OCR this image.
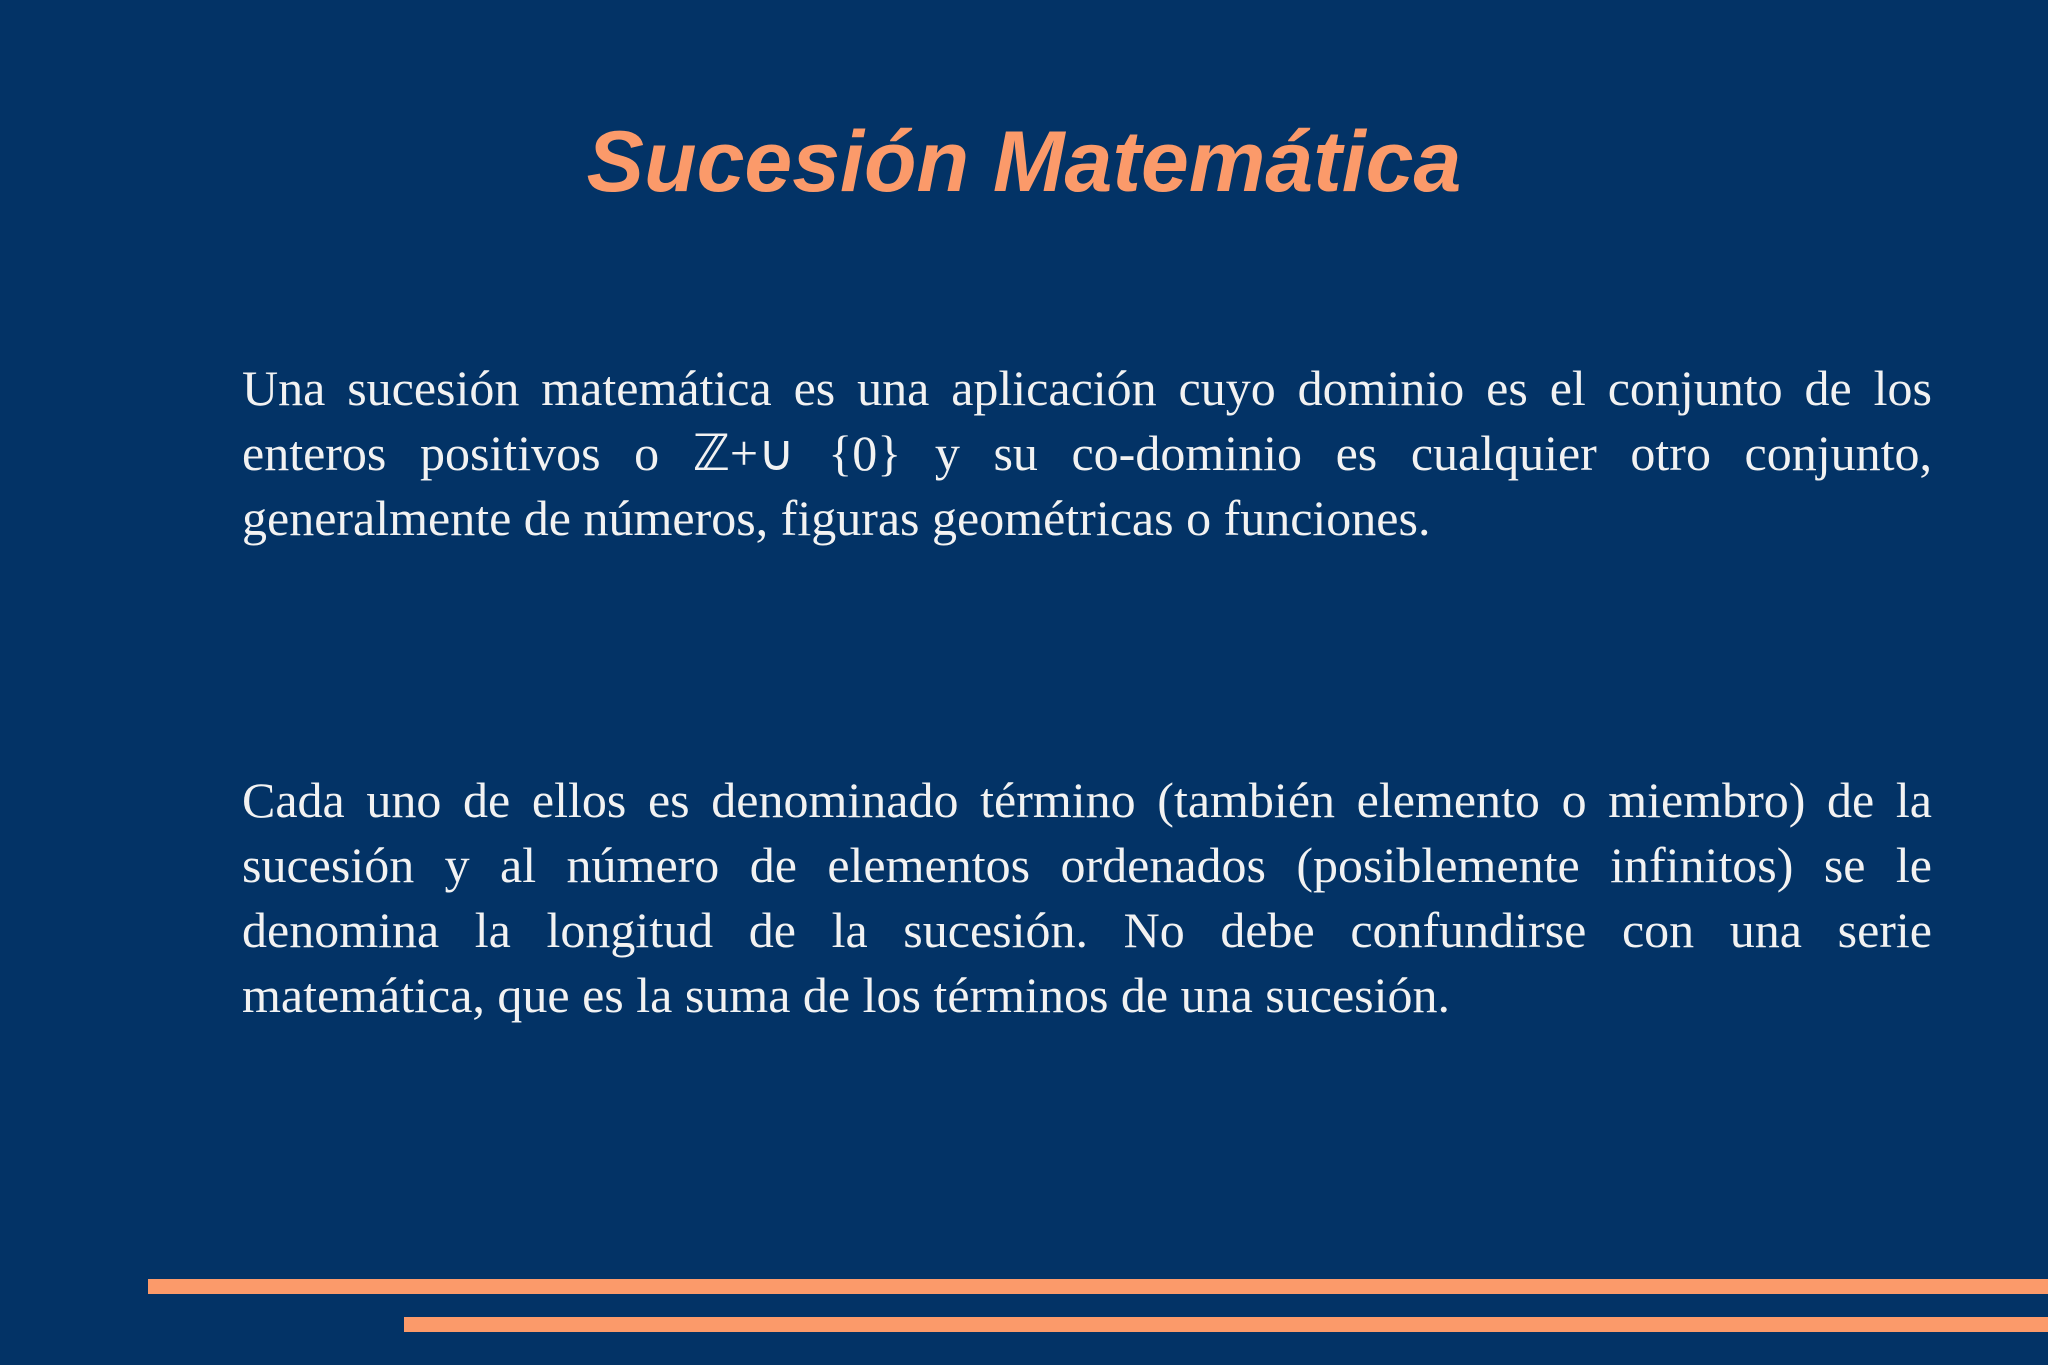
Sucesión Matemática

Una sucesión matemática es una aplicación cuyo dominio es el conjunto de los enteros positivos o ℤ+∪ {0} y su co-dominio es cualquier otro conjunto, generalmente de números, figuras geométricas o funciones.

Cada uno de ellos es denominado término (también elemento o miembro) de la sucesión y al número de elementos ordenados (posiblemente infinitos) se le denomina la longitud de la sucesión. No debe confundirse con una serie matemática, que es la suma de los términos de una sucesión.
